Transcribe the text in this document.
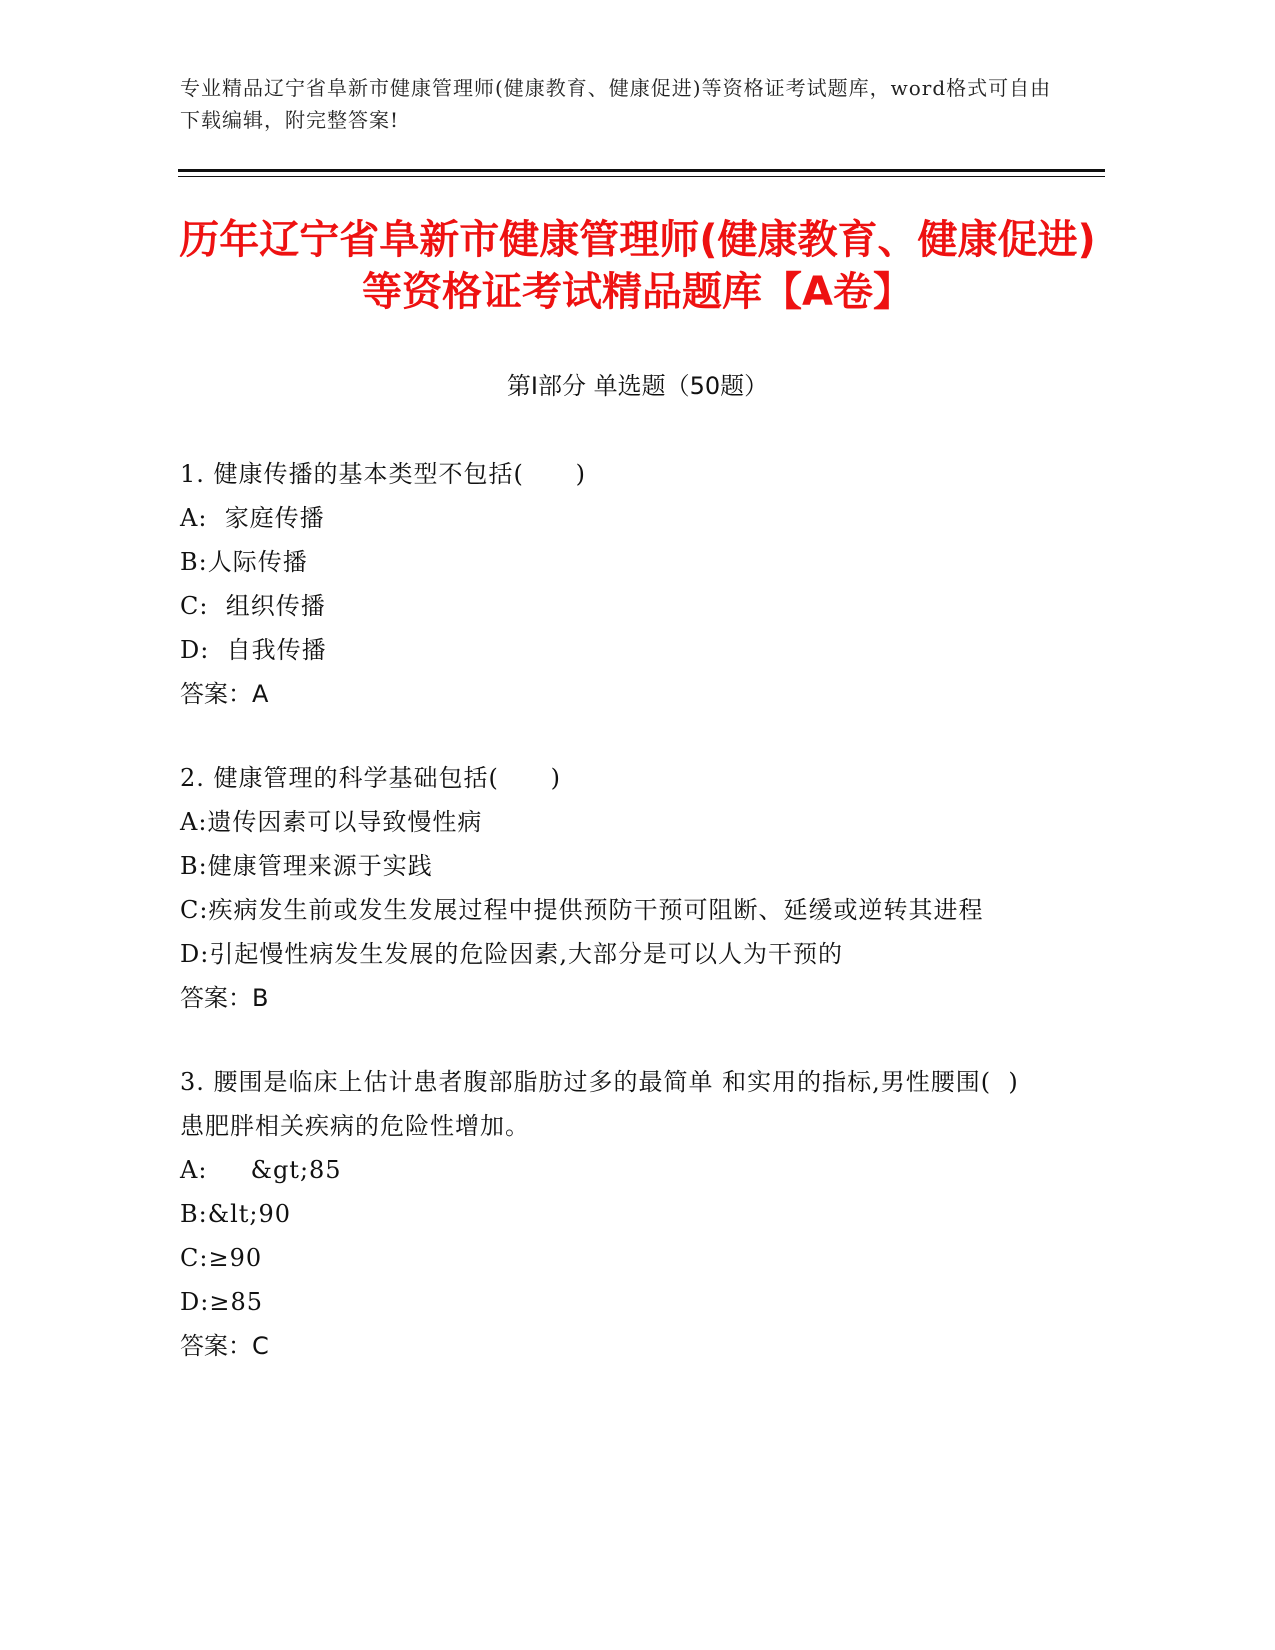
专业精品辽宁省阜新市健康管理师(健康教育、健康促进)等资格证考试题库，word格式可自由下载编辑，附完整答案!
历年辽宁省阜新市健康管理师(健康教育、健康促进)等资格证考试精品题库【A卷】
第Ⅰ部分 单选题（50题）
1. 健康传播的基本类型不包括(      )
A: 家庭传播
B: 人际传播
C: 组织传播
D: 自我传播
答案：A
2. 健康管理的科学基础包括(      )
A: 遗传因素可以导致慢性病
B: 健康管理来源于实践
C: 疾病发生前或发生发展过程中提供预防干预可阻断、延缓或逆转其进程
D: 引起慢性病发生发展的危险因素,大部分是可以人为干预的
答案：B
3. 腰围是临床上估计患者腹部脂肪过多的最简单 和实用的指标,男性腰围(  )患肥胖相关疾病的危险性增加。
A: &gt;85
B: &lt;90
C: ≥90
D: ≥85
答案：C
